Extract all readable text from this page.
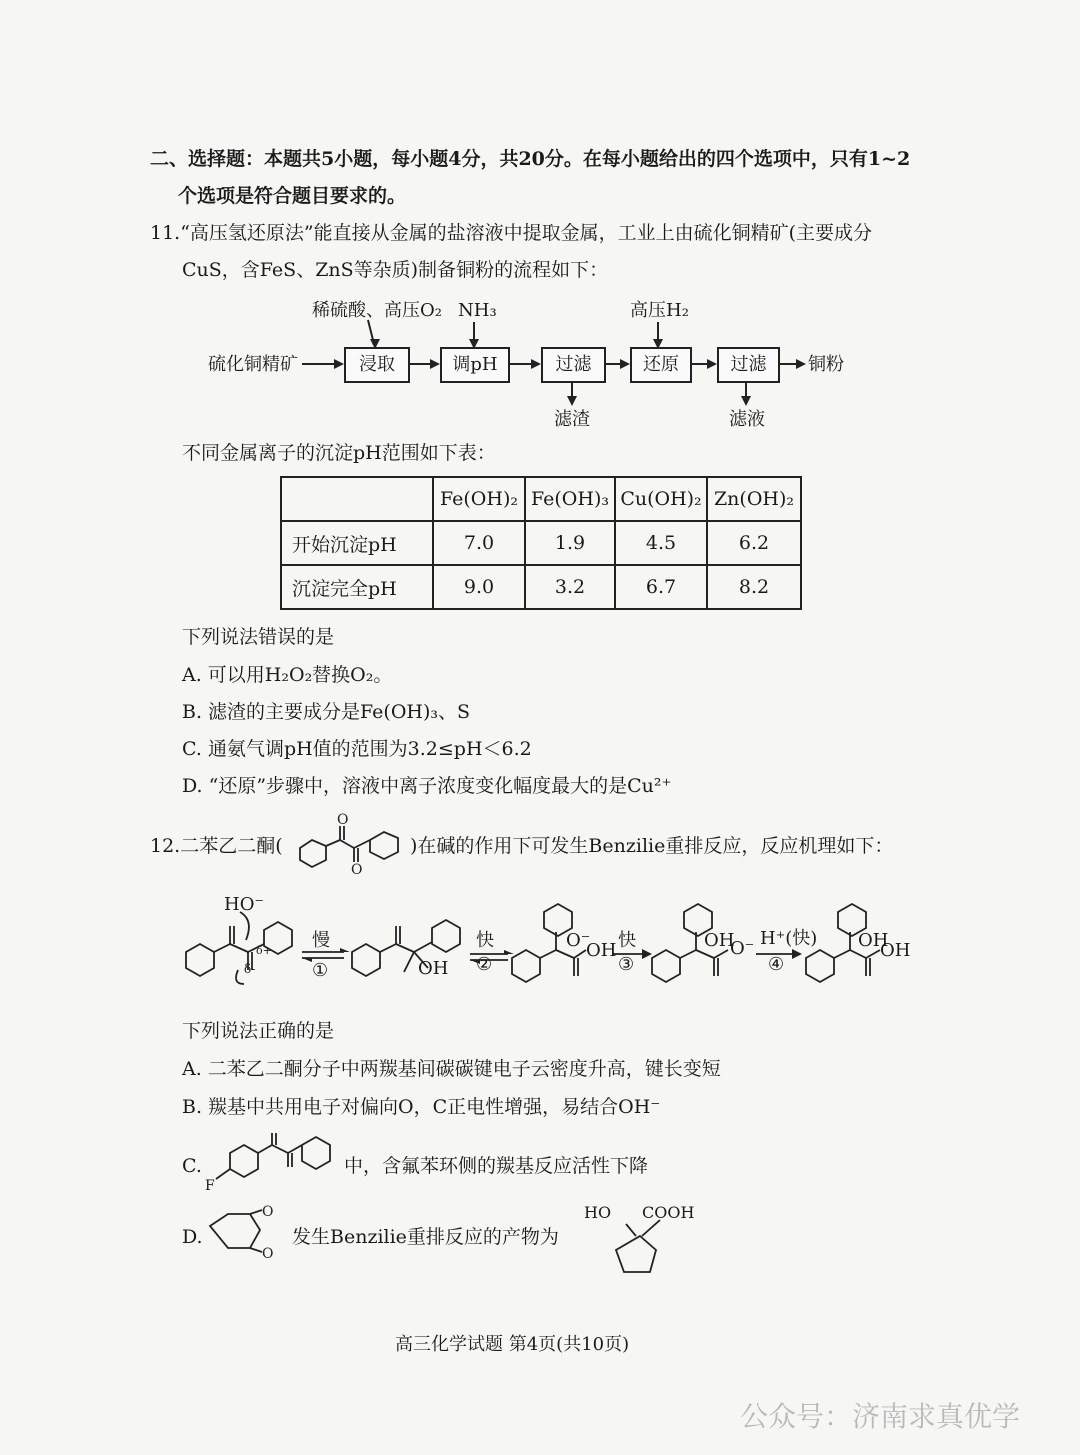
二、选择题：本题共5小题，每小题4分，共20分。在每小题给出的四个选项中，只有1~2
个选项是符合题目要求的。
11.“高压氢还原法”能直接从金属的盐溶液中提取金属，工业上由硫化铜精矿(主要成分
CuS，含FeS、ZnS等杂质)制备铜粉的流程如下：
硫化铜精矿	浸取	调pH	过滤	还原	过滤	铜粉
稀硫酸、高压O₂ NH₃	高压H₂
滤渣	滤液
不同金属离子的沉淀pH范围如下表：
	Fe(OH)₂	Fe(OH)₃	Cu(OH)₂	Zn(OH)₂
开始沉淀pH	7.0	1.9	4.5	6.2
沉淀完全pH	9.0	3.2	6.7	8.2
下列说法错误的是
A. 可以用H₂O₂替换O₂。
B. 滤渣的主要成分是Fe(OH)₃、S
C. 通氨气调pH值的范围为3.2≤pH＜6.2
D. “还原”步骤中，溶液中离子浓度变化幅度最大的是Cu²⁺
12.二苯乙二酮(
O
O
)在碱的作用下可发生Benzilie重排反应，反应机理如下：
HO⁻
δ+
δ-
慢
①	OH
快
②
O⁻
OH 快
③
OH
O⁻ H⁺(快)
④
OH
OH
下列说法正确的是
A. 二苯乙二酮分子中两羰基间碳碳键电子云密度升高，键长变短
B. 羰基中共用电子对偏向O，C正电性增强，易结合OH⁻
C.
F
中，含氟苯环侧的羰基反应活性下降
D.
O
O
发生Benzilie重排反应的产物为
HO COOH
高三化学试题 第4页(共10页)
公众号：济南求真优学
